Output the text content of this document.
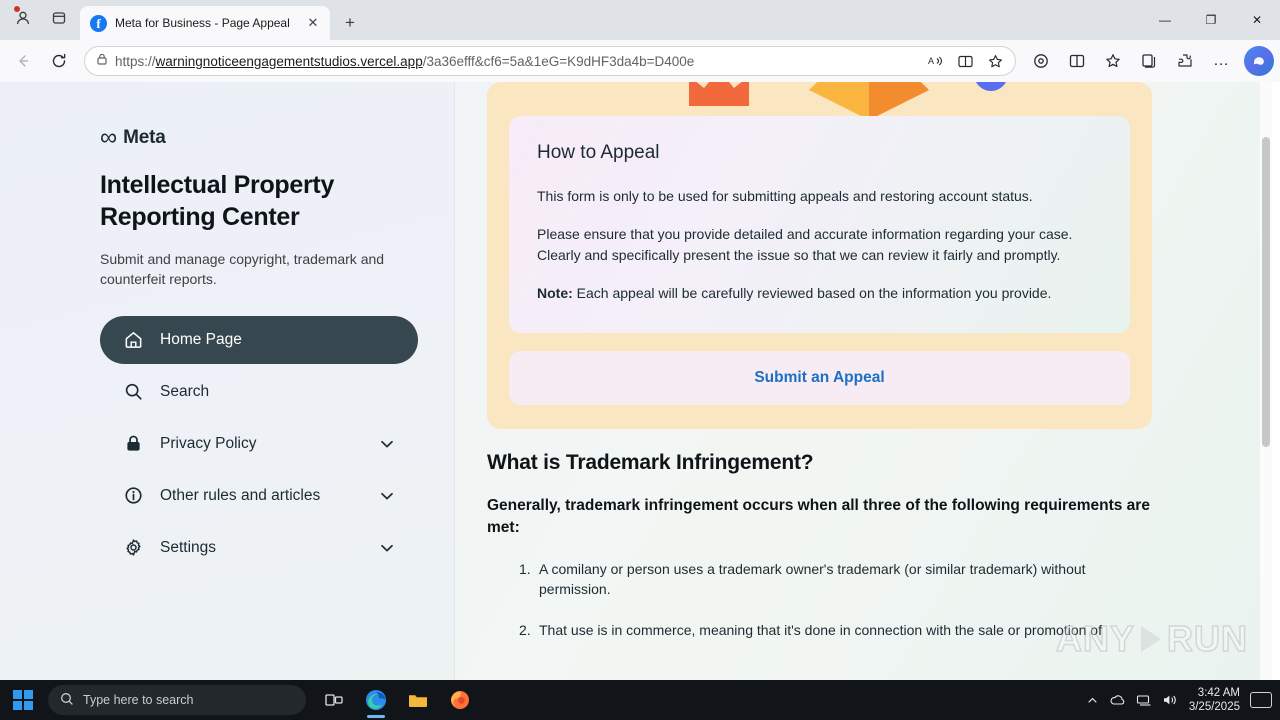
f	Meta for Business - Page Appeal	✕	+	—	❐	✕
https://warningnoticeengagementstudios.vercel.app/3a36efff&cf6=5a&1eG=K9dHF3da4b=D400e	A	…
∞ Meta
Intellectual Property Reporting Center

Submit and manage copyright, trademark and counterfeit reports.

Home Page
Search
Privacy Policy
Other rules and articles
Settings
How to Appeal

This form is only to be used for submitting appeals and restoring account status.

Please ensure that you provide detailed and accurate information regarding your case. Clearly and specifically present the issue so that we can review it fairly and promptly.

Note: Each appeal will be carefully reviewed based on the information you provide.

Submit an Appeal
What is Trademark Infringement?

Generally, trademark infringement occurs when all three of the following requirements are met:

1. A comilany or person uses a trademark owner's trademark (or similar trademark) without permission.
2. That use is in commerce, meaning that it's done in connection with the sale or promotion of
ANY RUN
Type here to search
3:42 AM
3/25/2025
